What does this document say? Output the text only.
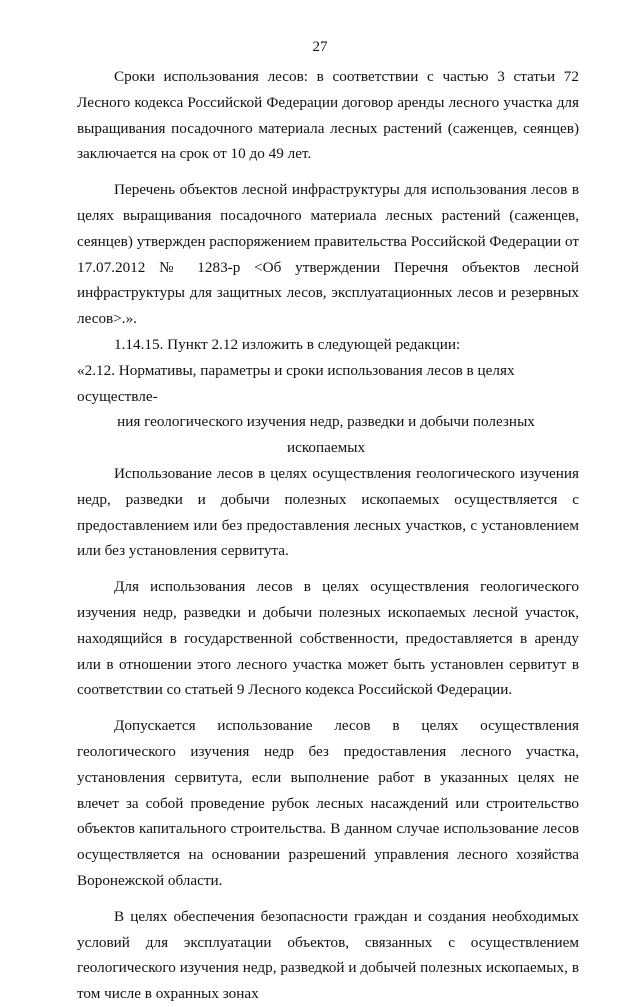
27

Сроки использования лесов: в соответствии с частью 3 статьи 72 Лесного кодекса Российской Федерации договор аренды лесного участка для выращивания посадочного материала лесных растений (саженцев, сеянцев) заключается на срок от 10 до 49 лет.

Перечень объектов лесной инфраструктуры для использования лесов в целях выращивания посадочного материала лесных растений (саженцев, сеянцев) утвержден распоряжением правительства Российской Федерации от 17.07.2012 № 1283-р <Об утверждении Перечня объектов лесной инфраструктуры для защитных лесов, эксплуатационных лесов и резервных лесов>.».

1.14.15. Пункт 2.12 изложить в следующей редакции:

«2.12. Нормативы, параметры и сроки использования лесов в целях осуществле-
ния геологического изучения недр, разведки и добычи полезных ископаемых

Использование лесов в целях осуществления геологического изучения недр, разведки и добычи полезных ископаемых осуществляется с предоставлением или без предоставления лесных участков, с установлением или без установления сервитута.

Для использования лесов в целях осуществления геологического изучения недр, разведки и добычи полезных ископаемых лесной участок, находящийся в государственной собственности, предоставляется в аренду или в отношении этого лесного участка может быть установлен сервитут в соответствии со статьей 9 Лесного кодекса Российской Федерации.

Допускается использование лесов в целях осуществления геологического изучения недр без предоставления лесного участка, установления сервитута, если выполнение работ в указанных целях не влечет за собой проведение рубок лесных насаждений или строительство объектов капитального строительства. В данном случае использование лесов осуществляется на основании разрешений управления лесного хозяйства Воронежской области.

В целях обеспечения безопасности граждан и создания необходимых условий для эксплуатации объектов, связанных с осуществлением геологического изучения недр, разведкой и добычей полезных ископаемых, в том числе в охранных зонах
